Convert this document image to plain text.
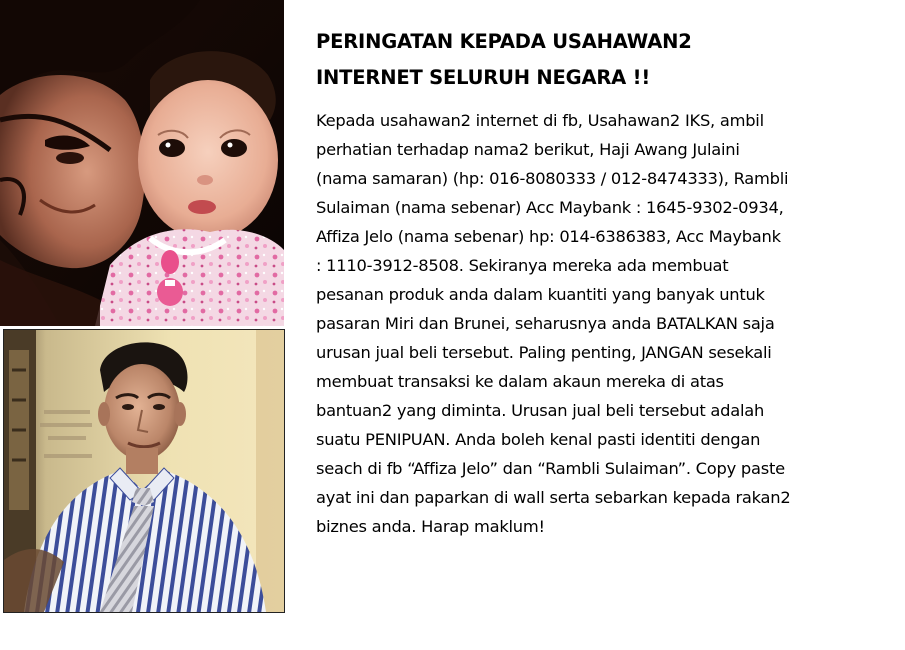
PERINGATAN KEPADA USAHAWAN2
INTERNET SELURUH NEGARA !!

Kepada usahawan2 internet di fb, Usahawan2 IKS, ambil
perhatian terhadap nama2 berikut, Haji Awang Julaini
(nama samaran) (hp: 016-8080333 / 012-8474333), Rambli
Sulaiman (nama sebenar) Acc Maybank : 1645-9302-0934,
Affiza Jelo (nama sebenar) hp: 014-6386383, Acc Maybank
: 1110-3912-8508. Sekiranya mereka ada membuat
pesanan produk anda dalam kuantiti yang banyak untuk
pasaran Miri dan Brunei, seharusnya anda BATALKAN saja
urusan jual beli tersebut. Paling penting, JANGAN sesekali
membuat transaksi ke dalam akaun mereka di atas
bantuan2 yang diminta. Urusan jual beli tersebut adalah
suatu PENIPUAN. Anda boleh kenal pasti identiti dengan
seach di fb “Affiza Jelo” dan “Rambli Sulaiman”. Copy paste
ayat ini dan paparkan di wall serta sebarkan kepada rakan2
biznes anda. Harap maklum!
